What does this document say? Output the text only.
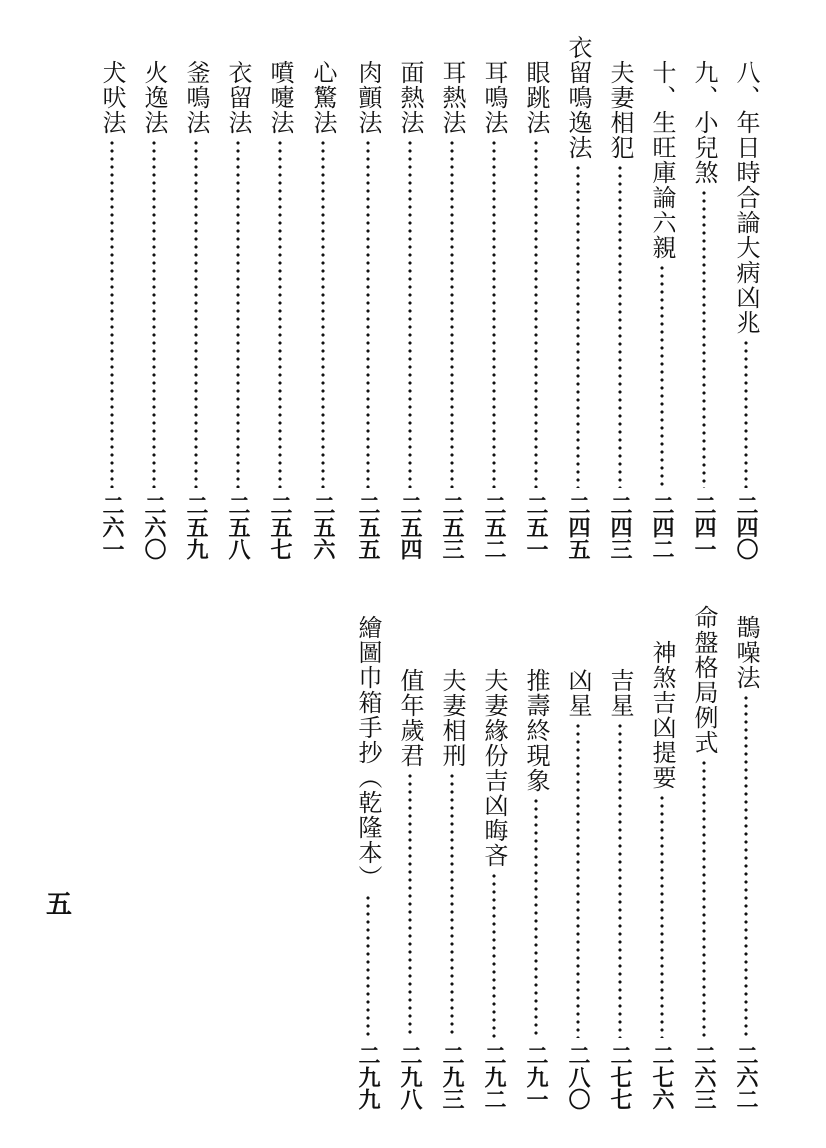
八、年日時合論大病凶兆
二四〇
九、小兒煞
二四一
十、生旺庫論六親
二四二
夫妻相犯
二四三
衣留鳴逸法
二四五
眼跳法
二五一
耳鳴法
二五二
耳熱法
二五三
面熱法
二五四
肉顫法
二五五
心驚法
二五六
噴嚏法
二五七
衣留法
二五八
釜鳴法
二五九
火逸法
二六〇
犬吠法
二六一
鵲噪法
二六二
命盤格局例式
二六三
神煞吉凶提要
二七六
吉星
二七七
凶星
二八〇
推壽終現象
二九一
夫妻緣份吉凶晦吝
二九二
夫妻相刑
二九三
值年歲君
二九八
繪圖巾箱手抄（乾隆本）
二九九
五
